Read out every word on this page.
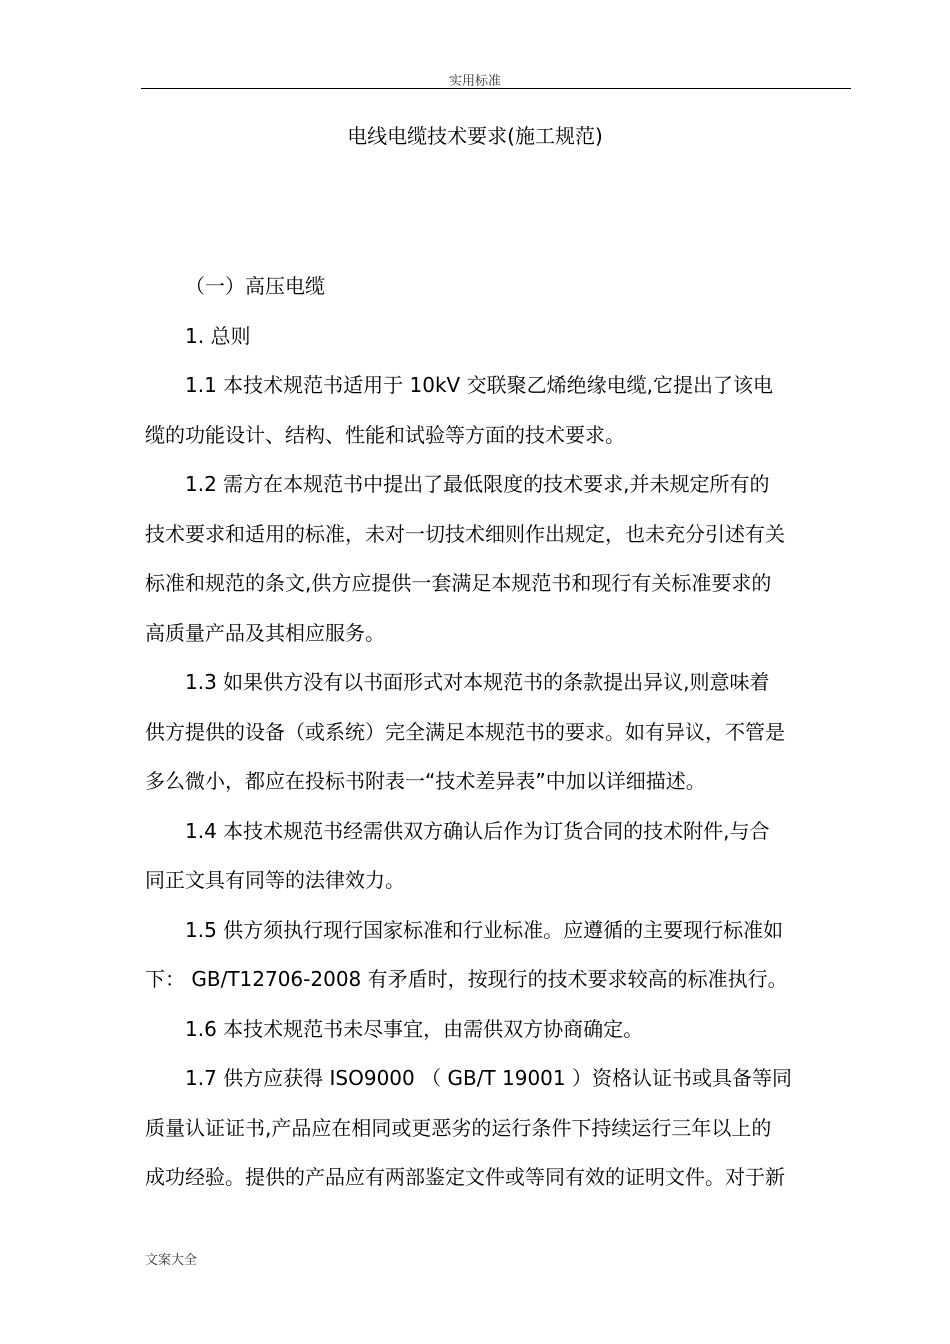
实用标准
电线电缆技术要求(施工规范)
（一）高压电缆
1. 总则
1.1 本技术规范书适用于 10kV 交联聚乙烯绝缘电缆,它提出了该电
缆的功能设计、结构、性能和试验等方面的技术要求。
1.2 需方在本规范书中提出了最低限度的技术要求,并未规定所有的
技术要求和适用的标准，未对一切技术细则作出规定，也未充分引述有关
标准和规范的条文,供方应提供一套满足本规范书和现行有关标准要求的
高质量产品及其相应服务。
1.3 如果供方没有以书面形式对本规范书的条款提出异议,则意味着
供方提供的设备（或系统）完全满足本规范书的要求。如有异议，不管是
多么微小，都应在投标书附表一“技术差异表”中加以详细描述。
1.4 本技术规范书经需供双方确认后作为订货合同的技术附件,与合
同正文具有同等的法律效力。
1.5 供方须执行现行国家标准和行业标准。应遵循的主要现行标准如
下： GB/T12706-2008 有矛盾时，按现行的技术要求较高的标准执行。
1.6 本技术规范书未尽事宜，由需供双方协商确定。
1.7 供方应获得 ISO9000 （ GB/T 19001 ）资格认证书或具备等同
质量认证证书,产品应在相同或更恶劣的运行条件下持续运行三年以上的
成功经验。提供的产品应有两部鉴定文件或等同有效的证明文件。对于新
文案大全
